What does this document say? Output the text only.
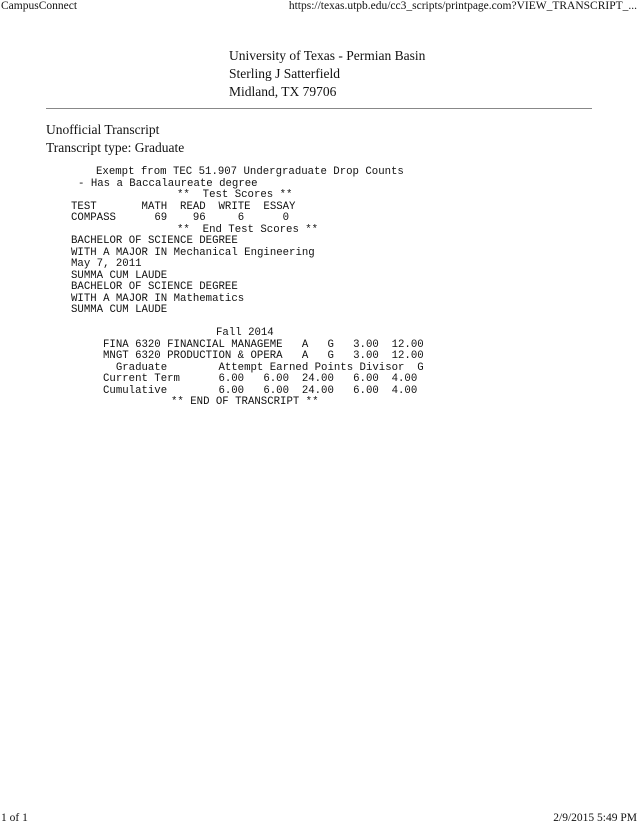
CampusConnect	https://texas.utpb.edu/cc3_scripts/printpage.com?VIEW_TRANSCRIPT_...
University of Texas - Permian Basin
Sterling J Satterfield
Midland, TX 79706
Unofficial Transcript
Transcript type: Graduate

Exempt from TEC 51.907 Undergraduate Drop Counts

- Has a Baccalaureate degree

**  Test Scores **

TEST       MATH  READ  WRITE  ESSAY

COMPASS      69    96     6      0

**  End Test Scores **

BACHELOR OF SCIENCE DEGREE

WITH A MAJOR IN Mechanical Engineering

May 7, 2011

SUMMA CUM LAUDE

BACHELOR OF SCIENCE DEGREE

WITH A MAJOR IN Mathematics

SUMMA CUM LAUDE

Fall 2014

FINA 6320 FINANCIAL MANAGEME   A   G   3.00  12.00

MNGT 6320 PRODUCTION & OPERA   A   G   3.00  12.00

Graduate        Attempt Earned Points Divisor  G

Current Term      6.00   6.00  24.00   6.00  4.00

Cumulative        6.00   6.00  24.00   6.00  4.00

** END OF TRANSCRIPT **

1 of 1	2/9/2015 5:49 PM
